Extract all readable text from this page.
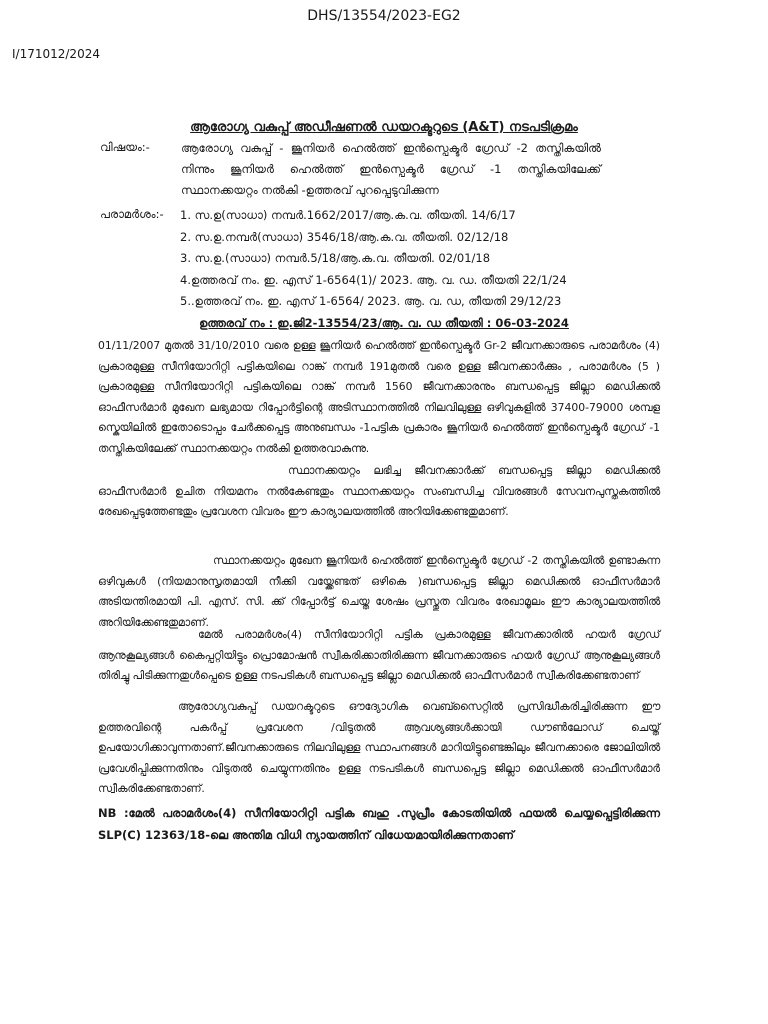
DHS/13554/2023-EG2
I/171012/2024
ആരോഗ്യ വകുപ്പ് അഡീഷണൽ ഡയറക്ടറുടെ (A&T) നടപടിക്രമം
വിഷയം:-	ആരോഗ്യ വകുപ്പ് - ജൂനിയർ ഹെൽത്ത് ഇൻസ്പെക്ടർ ഗ്രേഡ് -2 തസ്തികയിൽ നിന്നും ജൂനിയർ ഹെൽത്ത് ഇൻസ്പെക്ടർ ഗ്രേഡ് -1 തസ്തികയിലേക്ക് സ്ഥാനക്കയറ്റം നൽകി -ഉത്തരവ് പുറപ്പെടുവിക്കുന്ന
പരാമർശം:- 1. സ.ഉ(സാധാ) നമ്പർ.1662/2017/ആ.ക.വ. തീയതി. 14/6/17
2. സ.ഉ.നമ്പർ(സാധാ) 3546/18/ആ.ക.വ. തീയതി. 02/12/18
3. സ.ഉ.(സാധാ) നമ്പർ.5/18/ആ.ക.വ. തീയതി. 02/01/18
4.ഉത്തരവ് നം. ഇ. എസ് 1-6564(1)/ 2023. ആ. വ. ഡ. തീയതി 22/1/24
5..ഉത്തരവ് നം. ഇ. എസ് 1-6564/ 2023. ആ. വ. ഡ, തീയതി 29/12/23
ഉത്തരവ് നം : ഇ.ജി2-13554/23/ആ. വ. ഡ തീയതി : 06-03-2024
01/11/2007 മുതൽ 31/10/2010 വരെ ഉള്ള ജൂനിയർ ഹെൽത്ത് ഇൻസ്പെക്ടർ Gr-2 ജീവനക്കാരുടെ പരാമർശം (4) പ്രകാരമുള്ള സീനിയോറിറ്റി പട്ടികയിലെ റാങ്ക് നമ്പർ 191മുതൽ വരെ ഉള്ള ജീവനക്കാർക്കും , പരാമർശം (5 ) പ്രകാരമുള്ള സീനിയോറിറ്റി പട്ടികയിലെ റാങ്ക് നമ്പർ 1560 ജീവനക്കാരനും ബന്ധപ്പെട്ട ജില്ലാ മെഡിക്കൽ ഓഫീസർമാർ മുഖേന ലഭ്യമായ റിപ്പോർട്ടിന്റെ അടിസ്ഥാനത്തിൽ നിലവിലുള്ള ഒഴിവുകളിൽ 37400-79000 ശമ്പള സ്കെയിലിൽ ഇതോടൊപ്പം ചേർക്കപ്പെട്ട അനുബന്ധം -1പട്ടിക പ്രകാരം ജൂനിയർ ഹെൽത്ത് ഇൻസ്പെക്ടർ ഗ്രേഡ് -1 തസ്തികയിലേക്ക് സ്ഥാനക്കയറ്റം നൽകി ഉത്തരവാകുന്നു.
സ്ഥാനക്കയറ്റം ലഭിച്ച ജീവനക്കാർക്ക് ബന്ധപ്പെട്ട ജില്ലാ മെഡിക്കൽ ഓഫീസർമാർ ഉചിത നിയമനം നൽകേണ്ടതും സ്ഥാനക്കയറ്റം സംബന്ധിച്ച വിവരങ്ങൾ സേവനപുസ്തകത്തിൽ രേഖപ്പെടുത്തേണ്ടതും പ്രവേശന വിവരം ഈ കാര്യാലയത്തിൽ അറിയിക്കേണ്ടതുമാണ്.
സ്ഥാനക്കയറ്റം മുഖേന ജൂനിയർ ഹെൽത്ത് ഇൻസ്പെക്ടർ ഗ്രേഡ് -2 തസ്തികയിൽ ഉണ്ടാകുന്ന ഒഴിവുകൾ (നിയമാനുസൃതമായി നീക്കി വയ്ക്കേണ്ടത് ഒഴികെ )ബന്ധപ്പെട്ട ജില്ലാ മെഡിക്കൽ ഓഫീസർമാർ അടിയന്തിരമായി പി. എസ്. സി. ക്ക് റിപ്പോർട്ട് ചെയ്ത ശേഷം പ്രസ്തുത വിവരം രേഖാമൂലം ഈ കാര്യാലയത്തിൽ അറിയിക്കേണ്ടതുമാണ്.
മേൽ പരാമർശം(4) സീനിയോറിറ്റി പട്ടിക പ്രകാരമുള്ള ജീവനക്കാരിൽ ഹയർ ഗ്രേഡ് ആനുകൂല്യങ്ങൾ കൈപ്പറ്റിയിട്ടും പ്രൊമോഷൻ സ്വീകരിക്കാതിരിക്കുന്ന ജീവനക്കാരുടെ ഹയർ ഗ്രേഡ് ആനുകൂല്യങ്ങൾ തിരിച്ചു പിടിക്കുന്നതുൾപ്പെടെ ഉള്ള നടപടികൾ ബന്ധപ്പെട്ട ജില്ലാ മെഡിക്കൽ ഓഫീസർമാർ സ്വീകരിക്കേണ്ടതാണ്
ആരോഗ്യവകുപ്പ് ഡയറക്ടറുടെ ഔദ്യോഗിക വെബ്സൈറ്റിൽ പ്രസിദ്ധീകരിച്ചിരിക്കുന്ന ഈ ഉത്തരവിന്റെ പകർപ്പ് പ്രവേശന /വിടുതൽ ആവശ്യങ്ങൾക്കായി ഡൗൺലോഡ് ചെയ്ത് ഉപയോഗിക്കാവുന്നതാണ്.ജീവനക്കാരുടെ നിലവിലുള്ള സ്ഥാപനങ്ങൾ മാറിയിട്ടുണ്ടെങ്കിലും ജീവനക്കാരെ ജോലിയിൽ പ്രവേശിപ്പിക്കുന്നതിനും വിടുതൽ ചെയ്യുന്നതിനും ഉള്ള നടപടികൾ ബന്ധപ്പെട്ട ജില്ലാ മെഡിക്കൽ ഓഫീസർമാർ സ്വീകരിക്കേണ്ടതാണ്.
NB :മേൽ പരാമർശം(4) സീനിയോറിറ്റി പട്ടിക ബഹു .സുപ്രീം കോടതിയിൽ ഫയൽ ചെയ്യപ്പെട്ടിരിക്കുന്ന SLP(C) 12363/18-ലെ അന്തിമ വിധി ന്യായത്തിന് വിധേയമായിരിക്കുന്നതാണ്
